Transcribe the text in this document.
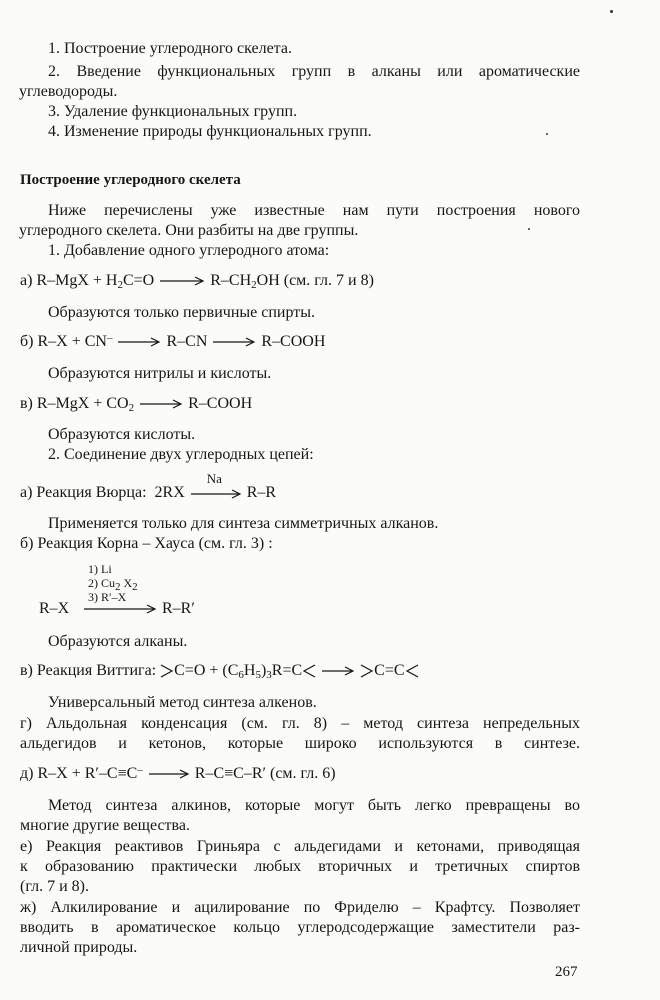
1. Построение углеродного скелета.
2. Введение функциональных групп в алканы или ароматические
углеводороды.
3. Удаление функциональных групп.
4. Изменение природы функциональных групп.
Построение углеродного скелета
Ниже перечислены уже известные нам пути построения нового
углеродного скелета. Они разбиты на две группы.
1. Добавление одного углеродного атома:
а) $R-MgX + H_2C=O \to R-CH_2OH$ (см. гл. 7 и 8)
Образуются только первичные спирты.
б) R–X + CN– → R–CN → R–COOH
Образуются нитрилы и кислоты.
в) $R-MgX + CO_2$ → R–COOH
Образуются кислоты.
2. Соединение двух углеродных цепей:
а) Реакция Вюрца: 2RX
Na
R–R
Применяется только для синтеза симметричных алканов.
б) Реакция Корна – Хауса (см. гл. 3) :
1) Li
2) $Cu_2$ $X_2$
3) R′–X
R–X	R–R′
Образуются алканы.
в) Реакция Виттига: $C=O + (C_6H_5)_3R=C \to C=C$
Универсальный метод синтеза алкенов.
г) Альдольная конденсация (см. гл. 8) – метод синтеза непредельных
альдегидов и кетонов, которые широко используются в синтезе.
д) R–X + R′–C≡C– → R–C≡C–R′ (см. гл. 6)
Метод синтеза алкинов, которые могут быть легко превращены во
многие другие вещества.
е) Реакция реактивов Гриньяра с альдегидами и кетонами, приводящая
к образованию практически любых вторичных и третичных спиртов
(гл. 7 и 8).
ж) Алкилирование и ацилирование по Фриделю – Крафтсу. Позволяет
вводить в ароматическое кольцо углеродсодержащие заместители раз-
личной природы.
267
